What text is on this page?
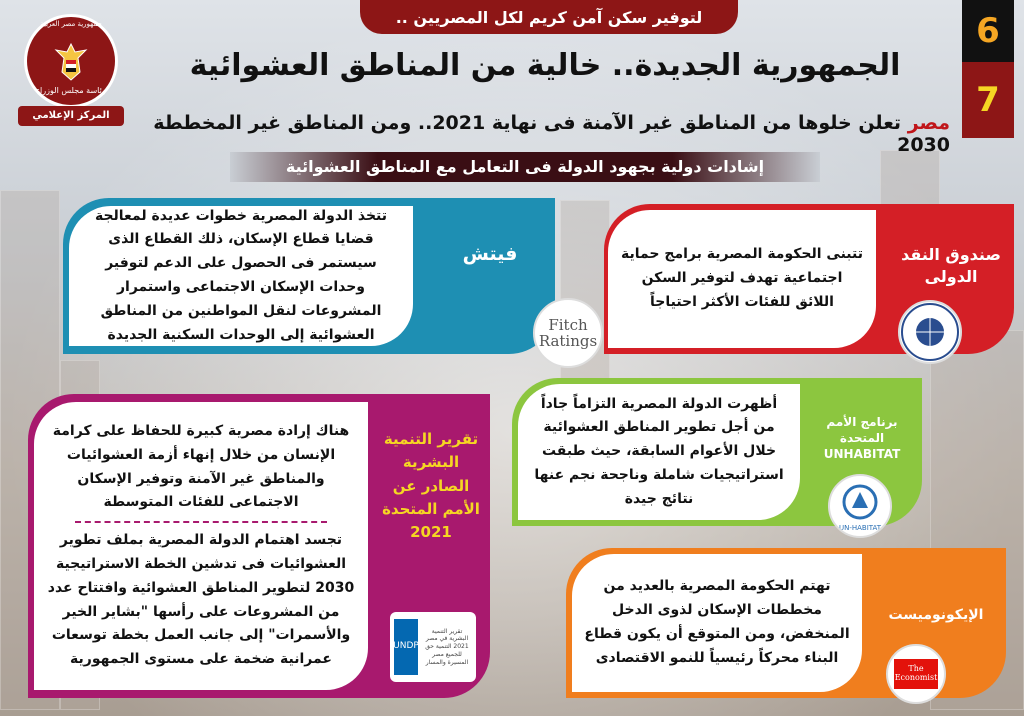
لتوفير سكن آمن كريم لكل المصريين ..	6
7
جمهورية مصر العربية
رئاسة مجلس الوزراء
المركز الإعلامي
الجمهورية الجديدة.. خالية من المناطق العشوائية
مصر تعلن خلوها من المناطق غير الآمنة فى نهاية 2021.. ومن المناطق غير المخططة 2030
إشادات دولية بجهود الدولة فى التعامل مع المناطق العشوائية
تتخذ الدولة المصرية خطوات عديدة لمعالجة قضايا قطاع الإسكان، ذلك القطاع الذى سيستمر فى الحصول على الدعم لتوفير وحدات الإسكان الاجتماعى واستمرار المشروعات لنقل المواطنين من المناطق العشوائية إلى الوحدات السكنية الجديدة
فيتش
Fitch
Ratings
تتبنى الحكومة المصرية برامج حماية اجتماعية تهدف لتوفير السكن اللائق للفئات الأكثر احتياجاً
صندوق النقد الدولى
أظهرت الدولة المصرية التزاماً جاداً من أجل تطوير المناطق العشوائية خلال الأعوام السابقة، حيث طبقت استراتيجيات شاملة وناجحة نجم عنها نتائج جيدة
برنامج الأمم المتحدة UNHABITAT
UN-HABITAT
هناك إرادة مصرية كبيرة للحفاظ على كرامة الإنسان من خلال إنهاء أزمة العشوائيات والمناطق غير الآمنة وتوفير الإسكان الاجتماعى للفئات المتوسطة
تجسد اهتمام الدولة المصرية بملف تطوير العشوائيات فى تدشين الخطة الاستراتيجية 2030 لتطوير المناطق العشوائية وافتتاح عدد من المشروعات على رأسها "بشاير الخير والأسمرات" إلى جانب العمل بخطة توسعات عمرانية ضخمة على مستوى الجمهورية
تقرير التنمية البشرية الصادر عن الأمم المتحدة 2021
تقرير التنمية البشرية في مصر 2021 التنمية حق للجميع مصر المسيرة والمسار
UNDP
تهتم الحكومة المصرية بالعديد من مخططات الإسكان لذوى الدخل المنخفض، ومن المتوقع أن يكون قطاع البناء محركاً رئيسياً للنمو الاقتصادى
الإيكونوميست
The
Economist
